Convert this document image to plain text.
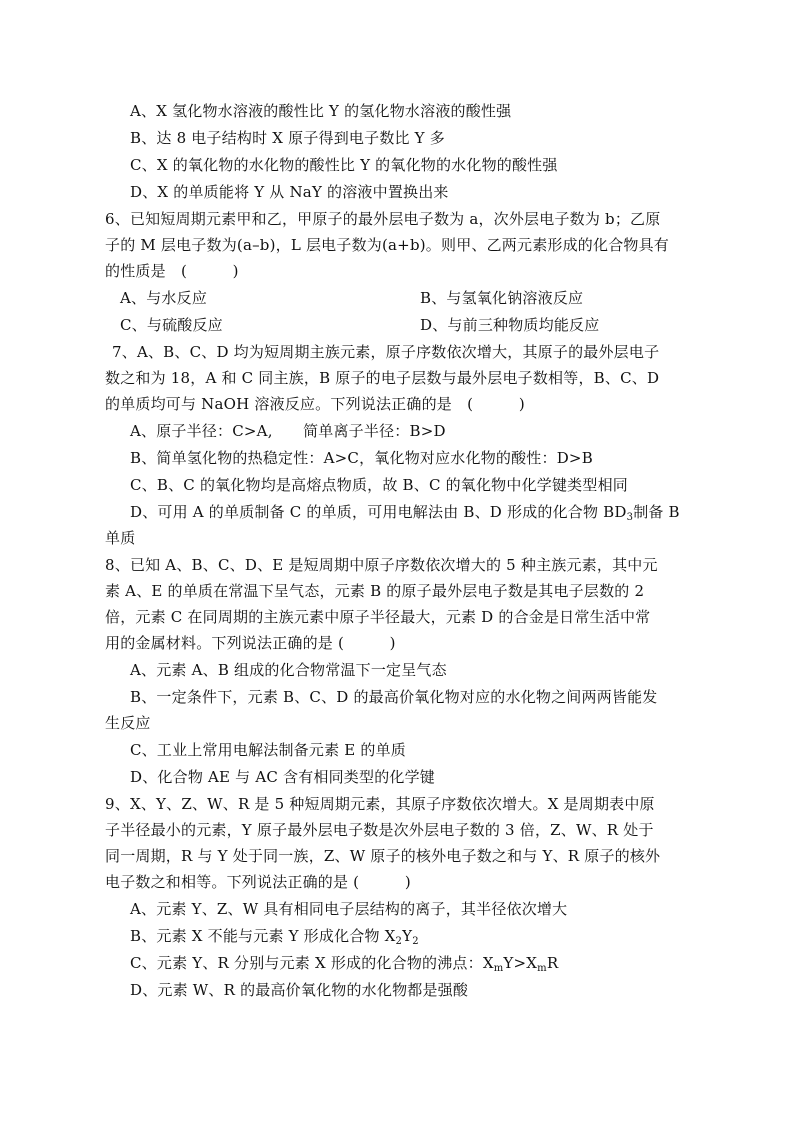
A、X 氢化物水溶液的酸性比 Y 的氢化物水溶液的酸性强
B、达 8 电子结构时 X 原子得到电子数比 Y 多
C、X 的氧化物的水化物的酸性比 Y 的氧化物的水化物的酸性强
D、X 的单质能将 Y 从 NaY 的溶液中置换出来
6、已知短周期元素甲和乙，甲原子的最外层电子数为 a，次外层电子数为 b；乙原
子的 M 层电子数为(a–b)，L 层电子数为(a+b)。则甲、乙两元素形成的化合物具有
的性质是　(　　　)
A、与水反应	B、与氢氧化钠溶液反应
C、与硫酸反应	D、与前三种物质均能反应
7、A、B、C、D 均为短周期主族元素，原子序数依次增大，其原子的最外层电子
数之和为 18，A 和 C 同主族，B 原子的电子层数与最外层电子数相等，B、C、D
的单质均可与 NaOH 溶液反应。下列说法正确的是　(　　　)
A、原子半径：C>A,　　简单离子半径：B>D
B、简单氢化物的热稳定性：A>C，氧化物对应水化物的酸性：D>B
C、B、C 的氧化物均是高熔点物质，故 B、C 的氧化物中化学键类型相同
D、可用 A 的单质制备 C 的单质，可用电解法由 B、D 形成的化合物 $BD_3$制备 B
单质
8、已知 A、B、C、D、E 是短周期中原子序数依次增大的 5 种主族元素，其中元
素 A、E 的单质在常温下呈气态，元素 B 的原子最外层电子数是其电子层数的 2
倍，元素 C 在同周期的主族元素中原子半径最大，元素 D 的合金是日常生活中常
用的金属材料。下列说法正确的是 (　　　)
A、元素 A、B 组成的化合物常温下一定呈气态
B、一定条件下，元素 B、C、D 的最高价氧化物对应的水化物之间两两皆能发
生反应
C、工业上常用电解法制备元素 E 的单质
D、化合物 AE 与 AC 含有相同类型的化学键
9、X、Y、Z、W、R 是 5 种短周期元素，其原子序数依次增大。X 是周期表中原
子半径最小的元素，Y 原子最外层电子数是次外层电子数的 3 倍，Z、W、R 处于
同一周期，R 与 Y 处于同一族，Z、W 原子的核外电子数之和与 Y、R 原子的核外
电子数之和相等。下列说法正确的是 (　　　)
A、元素 Y、Z、W 具有相同电子层结构的离子，其半径依次增大
B、元素 X 不能与元素 Y 形成化合物 $X_2Y_2$
C、元素 Y、R 分别与元素 X 形成的化合物的沸点：$X_mY>X_mR$
D、元素 W、R 的最高价氧化物的水化物都是强酸
